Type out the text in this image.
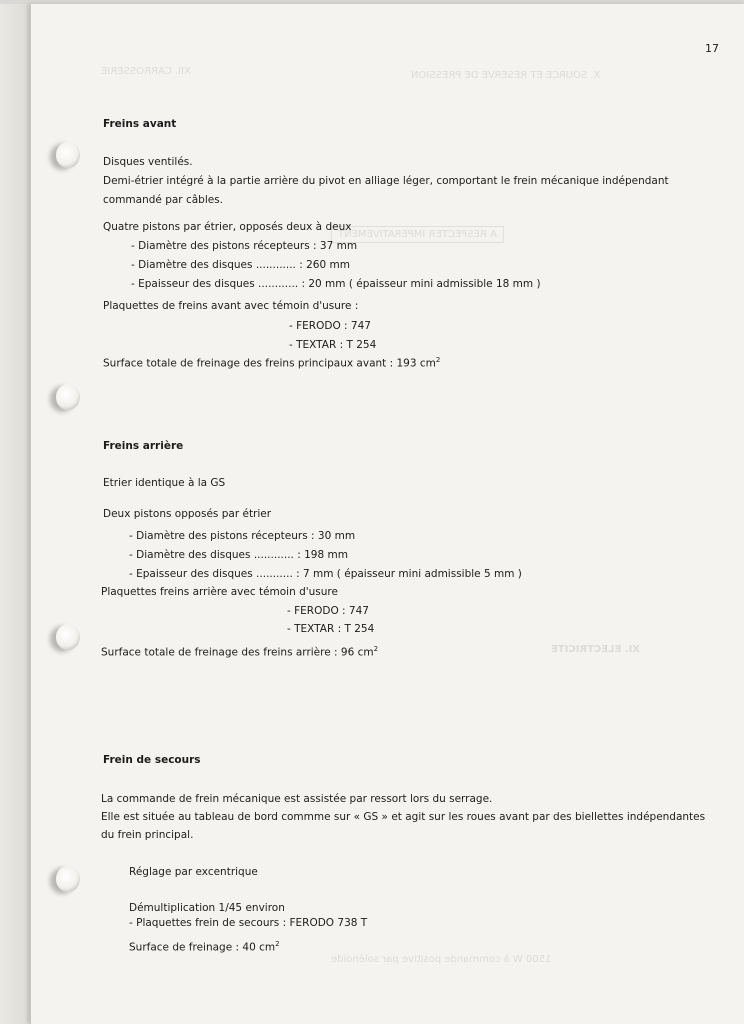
X. SOURCE ET RESERVE DE PRESSION
XII. CARROSSERIE
A RESPECTER IMPERATIVEMENT
XI. ELECTRICITE
1500 W à commande positive par solénoïde
17
Freins avant
Disques ventilés.
Demi-étrier intégré à la partie arrière du pivot en alliage léger, comportant le frein mécanique indépendant
commandé par câbles.
Quatre pistons par étrier, opposés deux à deux
- Diamètre des pistons récepteurs : 37 mm
- Diamètre des disques ............ : 260 mm
- Epaisseur des disques ............ : 20 mm ( épaisseur mini admissible 18 mm )
Plaquettes de freins avant avec témoin d'usure :
- FERODO : 747
- TEXTAR : T 254
Surface totale de freinage des freins principaux avant : 193 $cm^2$
Freins arrière
Etrier identique à la GS
Deux pistons opposés par étrier
- Diamètre des pistons récepteurs : 30 mm
- Diamètre des disques ............ : 198 mm
- Epaisseur des disques ........... : 7 mm ( épaisseur mini admissible 5 mm )
Plaquettes freins arrière avec témoin d'usure
- FERODO : 747
- TEXTAR : T 254
Surface totale de freinage des freins arrière : 96 $cm^2$
Frein de secours
La commande de frein mécanique est assistée par ressort lors du serrage.
Elle est située au tableau de bord commme sur « GS » et agit sur les roues avant par des biellettes indépendantes
du frein principal.
Réglage par excentrique
Démultiplication 1/45 environ
- Plaquettes frein de secours : FERODO 738 T
Surface de freinage : 40 $cm^2$
